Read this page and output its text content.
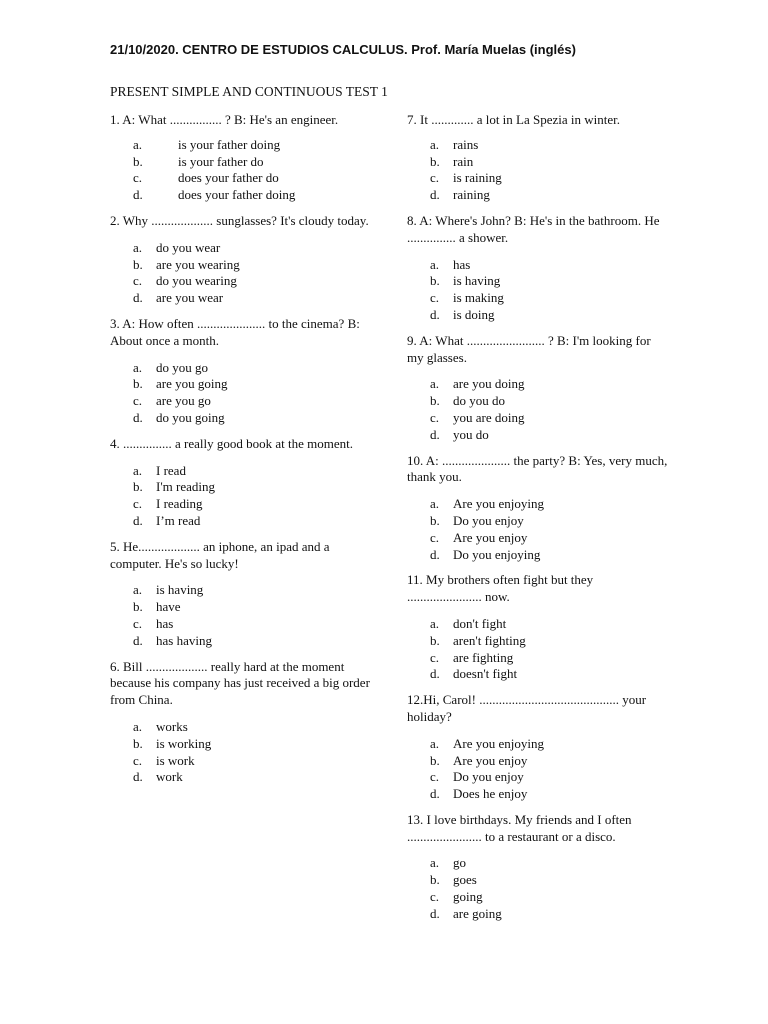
21/10/2020. CENTRO DE ESTUDIOS CALCULUS. Prof. María Muelas (inglés)
PRESENT SIMPLE AND CONTINUOUS TEST 1

1. A: What ................ ? B: He's an engineer.

a.	is your father doing
b.	is your father do
c.	does your father do
d.	does your father doing

2. Why ................... sunglasses? It's cloudy today.

a.	do you wear
b.	are you wearing
c.	do you wearing
d.	are you wear

3. A: How often ..................... to the cinema? B: About once a month.

a.	do you go
b.	are you going
c.	are you go
d.	do you going

4. ............... a really good book at the moment.

a.	I read
b.	I'm reading
c.	I reading
d.	I’m read

5. He................... an iphone, an ipad and a computer. He's so lucky!

a.	is having
b.	have
c.	has
d.	has having

6. Bill ................... really hard at the moment because his company has just received a big order from China.

a.	works
b.	is working
c.	is work
d.	work

7. It ............. a lot in La Spezia in winter.

a.	rains
b.	rain
c.	is raining
d.	raining

8. A: Where's John? B: He's in the bathroom. He ............... a shower.

a.	has
b.	is having
c.	is making
d.	is doing

9. A: What ........................ ? B: I'm looking for my glasses.

a.	are you doing
b.	do you do
c.	you are doing
d.	you do

10. A: ..................... the party? B: Yes, very much, thank you.

a.	Are you enjoying
b.	Do you enjoy
c.	Are you enjoy
d.	Do you enjoying

11. My brothers often fight but they ....................... now.

a.	don't fight
b.	aren't fighting
c.	are fighting
d.	doesn't fight

12.Hi, Carol! ........................................... your holiday?

a.	Are you enjoying
b.	Are you enjoy
c.	Do you enjoy
d.	Does he enjoy

13. I love birthdays. My friends and I often ....................... to a restaurant or a disco.

a.	go
b.	goes
c.	going
d.	are going
